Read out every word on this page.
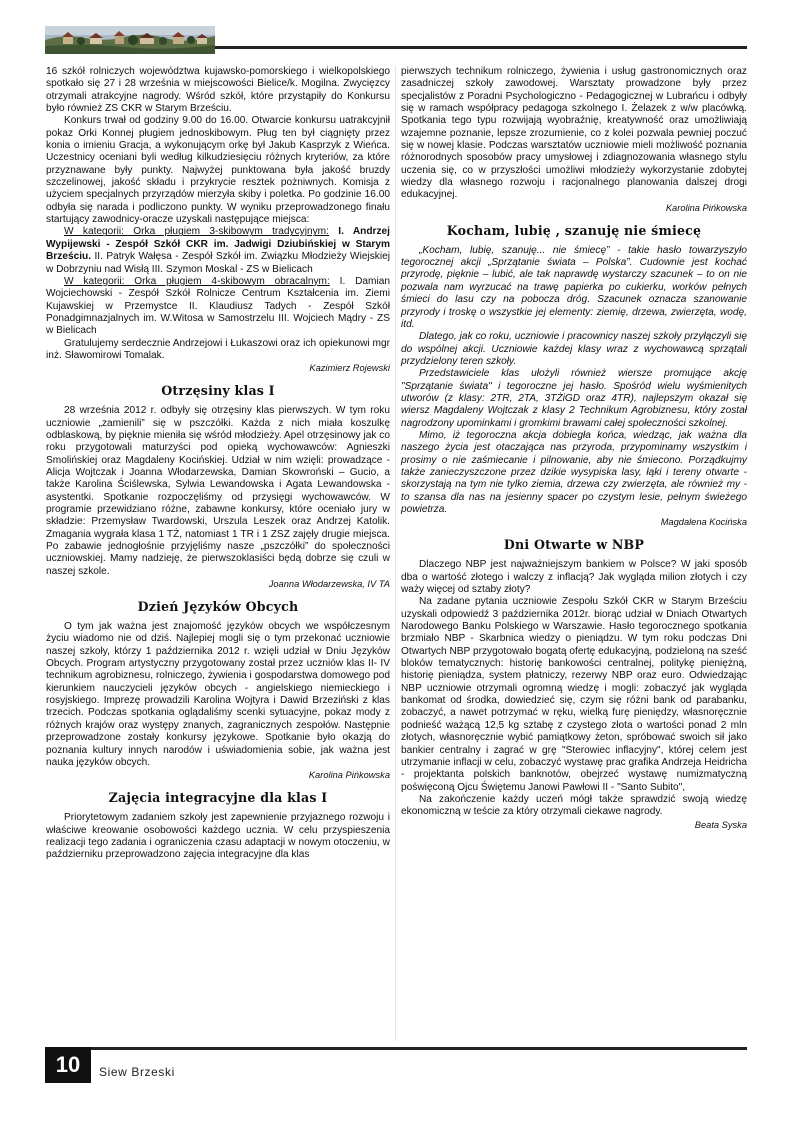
16 szkół rolniczych województwa kujawsko-pomorskiego i wielkopolskiego spotkało się 27 i 28 września w miejscowości Bielice/k. Mogilna. Zwycięzcy otrzymali atrakcyjne nagrody. Wśród szkół, które przystąpiły do Konkursu było również ZS CKR w Starym Brześciu.

Konkurs trwał od godziny 9.00 do 16.00. Otwarcie konkursu uatrakcyjnił pokaz Orki Konnej pługiem jednoskibowym. Pług ten był ciągnięty przez konia o imieniu Gracja, a wykonującym orkę był Jakub Kasprzyk z Wieńca. Uczestnicy oceniani byli według kilkudziesięciu różnych kryteriów, za które przyznawane były punkty. Najwyżej punktowana była jakość bruzdy szczelinowej, jakość składu i przykrycie resztek pożniwnych. Komisja z użyciem specjalnych przyrządów mierzyła skiby i poletka. Po godzinie 16.00 odbyła się narada i podliczono punkty. W wyniku przeprowadzonego finału startujący zawodnicy-oracze uzyskali następujące miejsca:

W kategorii: Orka pługiem 3-skibowym tradycyjnym: I. Andrzej Wypijewski - Zespół Szkół CKR im. Jadwigi Dziubińskiej w Starym Brześciu. II. Patryk Wałęsa - Zespół Szkół im. Związku Młodzieży Wiejskiej w Dobrzyniu nad Wisłą III. Szymon Moskal - ZS w Bielicach

W kategorii: Orka pługiem 4-skibowym obracalnym: I. Damian Wojciechowski - Zespół Szkół Rolnicze Centrum Kształcenia im. Ziemi Kujawskiej w Przemystce II. Klaudiusz Tadych - Zespół Szkół Ponadgimnazjalnych im. W.Witosa w Samostrzelu III. Wojciech Mądry - ZS w Bielicach

Gratulujemy serdecznie Andrzejowi i Łukaszowi oraz ich opiekunowi mgr inż. Sławomirowi Tomalak.

Kazimierz Rojewski

Otrzęsiny klas I

28 września 2012 r. odbyły się otrzęsiny klas pierwszych. W tym roku uczniowie „zamienili” się w pszczółki. Każda z nich miała koszulkę odblaskową, by pięknie mieniła się wśród młodzieży. Apel otrzęsinowy jak co roku przygotowali maturzyści pod opieką wychowawców: Agnieszki Smolińskiej oraz Magdaleny Kocińskiej. Udział w nim wzięli: prowadzące - Alicja Wojtczak i Joanna Włodarzewska, Damian Skowroński – Gucio, a także Karolina Ściślewska, Sylwia Lewandowska i Agata Lewandowska - asystentki. Spotkanie rozpoczęliśmy od przysięgi wychowawców. W programie przewidziano różne, zabawne konkursy, które oceniało jury w składzie: Przemysław Twardowski, Urszula Leszek oraz Andrzej Katolik. Zmagania wygrała klasa 1 TŻ, natomiast 1 TR i 1 ZSZ zajęły drugie miejsca. Po zabawie jednogłośnie przyjęliśmy nasze „pszczółki” do społeczności uczniowskiej. Mamy nadzieję, że pierwszoklasiści będą dobrze się czuli w naszej szkole.

Joanna Włodarzewska, IV TA

Dzień Języków Obcych

O tym jak ważna jest znajomość języków obcych we współczesnym życiu wiadomo nie od dziś. Najlepiej mogli się o tym przekonać uczniowie naszej szkoły, którzy 1 października 2012 r. wzięli udział w Dniu Języków Obcych. Program artystyczny przygotowany został przez uczniów klas II- IV technikum agrobiznesu, rolniczego, żywienia i gospodarstwa domowego pod kierunkiem nauczycieli języków obcych - angielskiego niemieckiego i rosyjskiego. Imprezę prowadzili Karolina Wojtyra i Dawid Brzeziński z klas trzecich. Podczas spotkania oglądaliśmy scenki sytuacyjne, pokaz mody z różnych krajów oraz występy znanych, zagranicznych zespołów. Następnie przeprowadzone zostały konkursy językowe. Spotkanie było okazją do poznania kultury innych narodów i uświadomienia sobie, jak ważna jest nauka języków obcych.

Karolina Pińkowska

Zajęcia integracyjne dla klas I

Priorytetowym zadaniem szkoły jest zapewnienie przyjaznego rozwoju i właściwe kreowanie osobowości każdego ucznia. W celu przyspieszenia realizacji tego zadania i ograniczenia czasu adaptacji w nowym otoczeniu, w październiku przeprowadzono zajęcia integracyjne dla klas

pierwszych technikum rolniczego, żywienia i usług gastronomicznych oraz zasadniczej szkoły zawodowej. Warsztaty prowadzone były przez specjalistów z Poradni Psychologiczno - Pedagogicznej w Lubrańcu i odbyły się w ramach współpracy pedagoga szkolnego I. Żelazek z w/w placówką. Spotkania tego typu rozwijają wyobraźnię, kreatywność oraz umożliwiają wzajemne poznanie, lepsze zrozumienie, co z kolei pozwala pewniej poczuć się w nowej klasie. Podczas warsztatów uczniowie mieli możliwość poznania różnorodnych sposobów pracy umysłowej i zdiagnozowania własnego stylu uczenia się, co w przyszłości umożliwi młodzieży wykorzystanie zdobytej wiedzy dla własnego rozwoju i racjonalnego planowania dalszej drogi edukacyjnej.

Karolina Pińkowska

Kocham, lubię , szanuję nie śmiecę

„Kocham, lubię, szanuję... nie śmiecę” - takie hasło towarzyszyło tegorocznej akcji „Sprzątanie świata – Polska”. Cudownie jest kochać przyrodę, pięknie – lubić, ale tak naprawdę wystarczy szacunek – to on nie pozwala nam wyrzucać na trawę papierka po cukierku, worków pełnych śmieci do lasu czy na pobocza dróg. Szacunek oznacza szanowanie przyrody i troskę o wszystkie jej elementy: ziemię, drzewa, zwierzęta, wodę, itd.

Dlatego, jak co roku, uczniowie i pracownicy naszej szkoły przyłączyli się do wspólnej akcji. Uczniowie każdej klasy wraz z wychowawcą sprzątali przydzielony teren szkoły.

Przedstawiciele klas ułożyli również wiersze promujące akcję "Sprzątanie świata" i tegoroczne jej hasło. Spośród wielu wyśmienitych utworów (z klasy: 2TR, 2TA, 3TŻiGD oraz 4TR), najlepszym okazał się wiersz Magdaleny Wojtczak z klasy 2 Technikum Agrobiznesu, który został nagrodzony upominkami i gromkimi brawami całej społeczności szkolnej.

Mimo, iż tegoroczna akcja dobiegła końca, wiedząc, jak ważna dla naszego życia jest otaczająca nas przyroda, przypominamy wszystkim i prosimy o nie zaśmiecanie i pilnowanie, aby nie śmiecono. Porządkujmy także zanieczyszczone przez dzikie wysypiska lasy, łąki i tereny otwarte - skorzystają na tym nie tylko ziemia, drzewa czy zwierzęta, ale również my - to szansa dla nas na jesienny spacer po czystym lesie, pełnym świeżego powietrza.

Magdalena Kocińska

Dni Otwarte w NBP

Dlaczego NBP jest najważniejszym bankiem w Polsce? W jaki sposób dba o wartość złotego i walczy z inflacją? Jak wygląda milion złotych i czy waży więcej od sztaby złoty?

Na zadane pytania uczniowie Zespołu Szkół CKR w Starym Brześciu uzyskali odpowiedź 3 października 2012r. biorąc udział w Dniach Otwartych Narodowego Banku Polskiego w Warszawie. Hasło tegorocznego spotkania brzmiało NBP - Skarbnica wiedzy o pieniądzu. W tym roku podczas Dni Otwartych NBP przygotowało bogatą ofertę edukacyjną, podzieloną na sześć bloków tematycznych: historię bankowości centralnej, politykę pieniężną, historię pieniądza, system płatniczy, rezerwy NBP oraz euro. Odwiedzając NBP uczniowie otrzymali ogromną wiedzę i mogli: zobaczyć jak wygląda bankomat od środka, dowiedzieć się, czym się różni bank od parabanku, zobaczyć, a nawet potrzymać w ręku, wielką furę pieniędzy, własnoręcznie podnieść ważącą 12,5 kg sztabę z czystego złota o wartości ponad 2 mln złotych, własnoręcznie wybić pamiątkowy żeton, spróbować swoich sił jako bankier centralny i zagrać w grę "Sterowiec inflacyjny", której celem jest utrzymanie inflacji w celu, zobaczyć wystawę prac grafika Andrzeja Heidricha - projektanta polskich banknotów, obejrzeć wystawę numizmatyczną poświęconą Ojcu Świętemu Janowi Pawłowi II - "Santo Subito",

Na zakończenie każdy uczeń mógł także sprawdzić swoją wiedzę ekonomiczną w teście za który otrzymali ciekawe nagrody.

Beata Syska

10	Siew Brzeski
